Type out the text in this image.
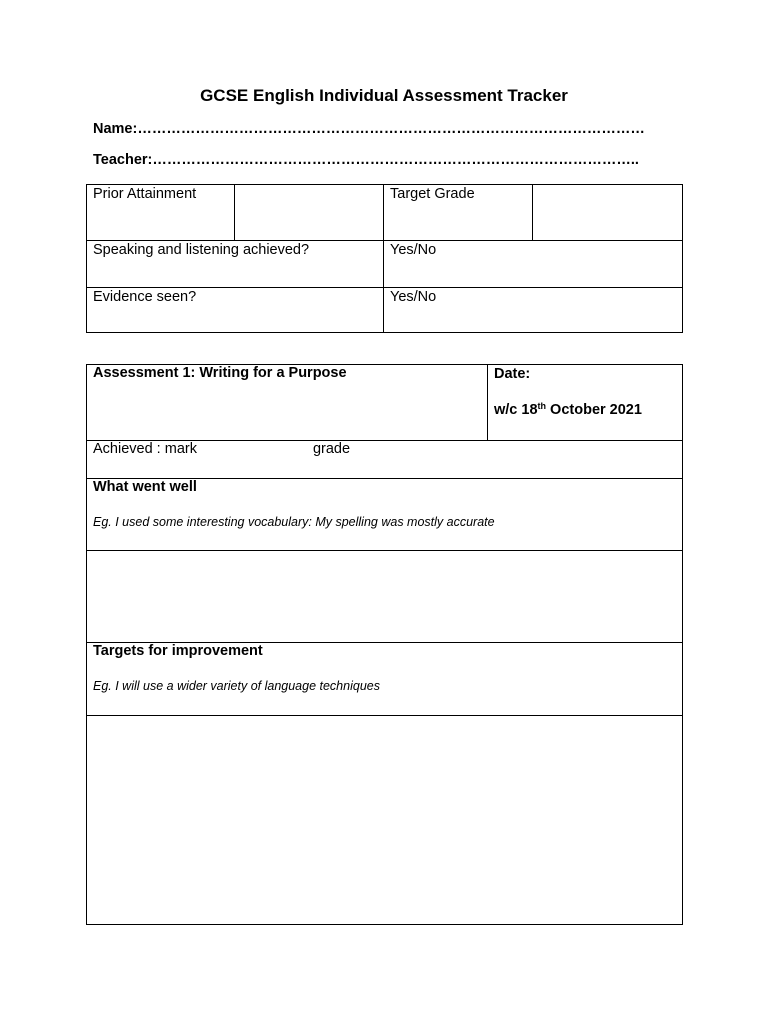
GCSE English Individual Assessment Tracker
Name:……………………………………………………………………………………………
Teacher:………………………………………………………………………………………..
Prior Attainment		Target Grade	
Speaking and listening achieved?		Yes/No	
Evidence seen?		Yes/No	
Assessment 1: Writing for a Purpose	Date:
w/c 18th October 2021

Achieved : mark	grade

What went well
Eg. I used some interesting vocabulary: My spelling was mostly accurate

Targets for improvement
Eg. I will use a wider variety of language techniques
